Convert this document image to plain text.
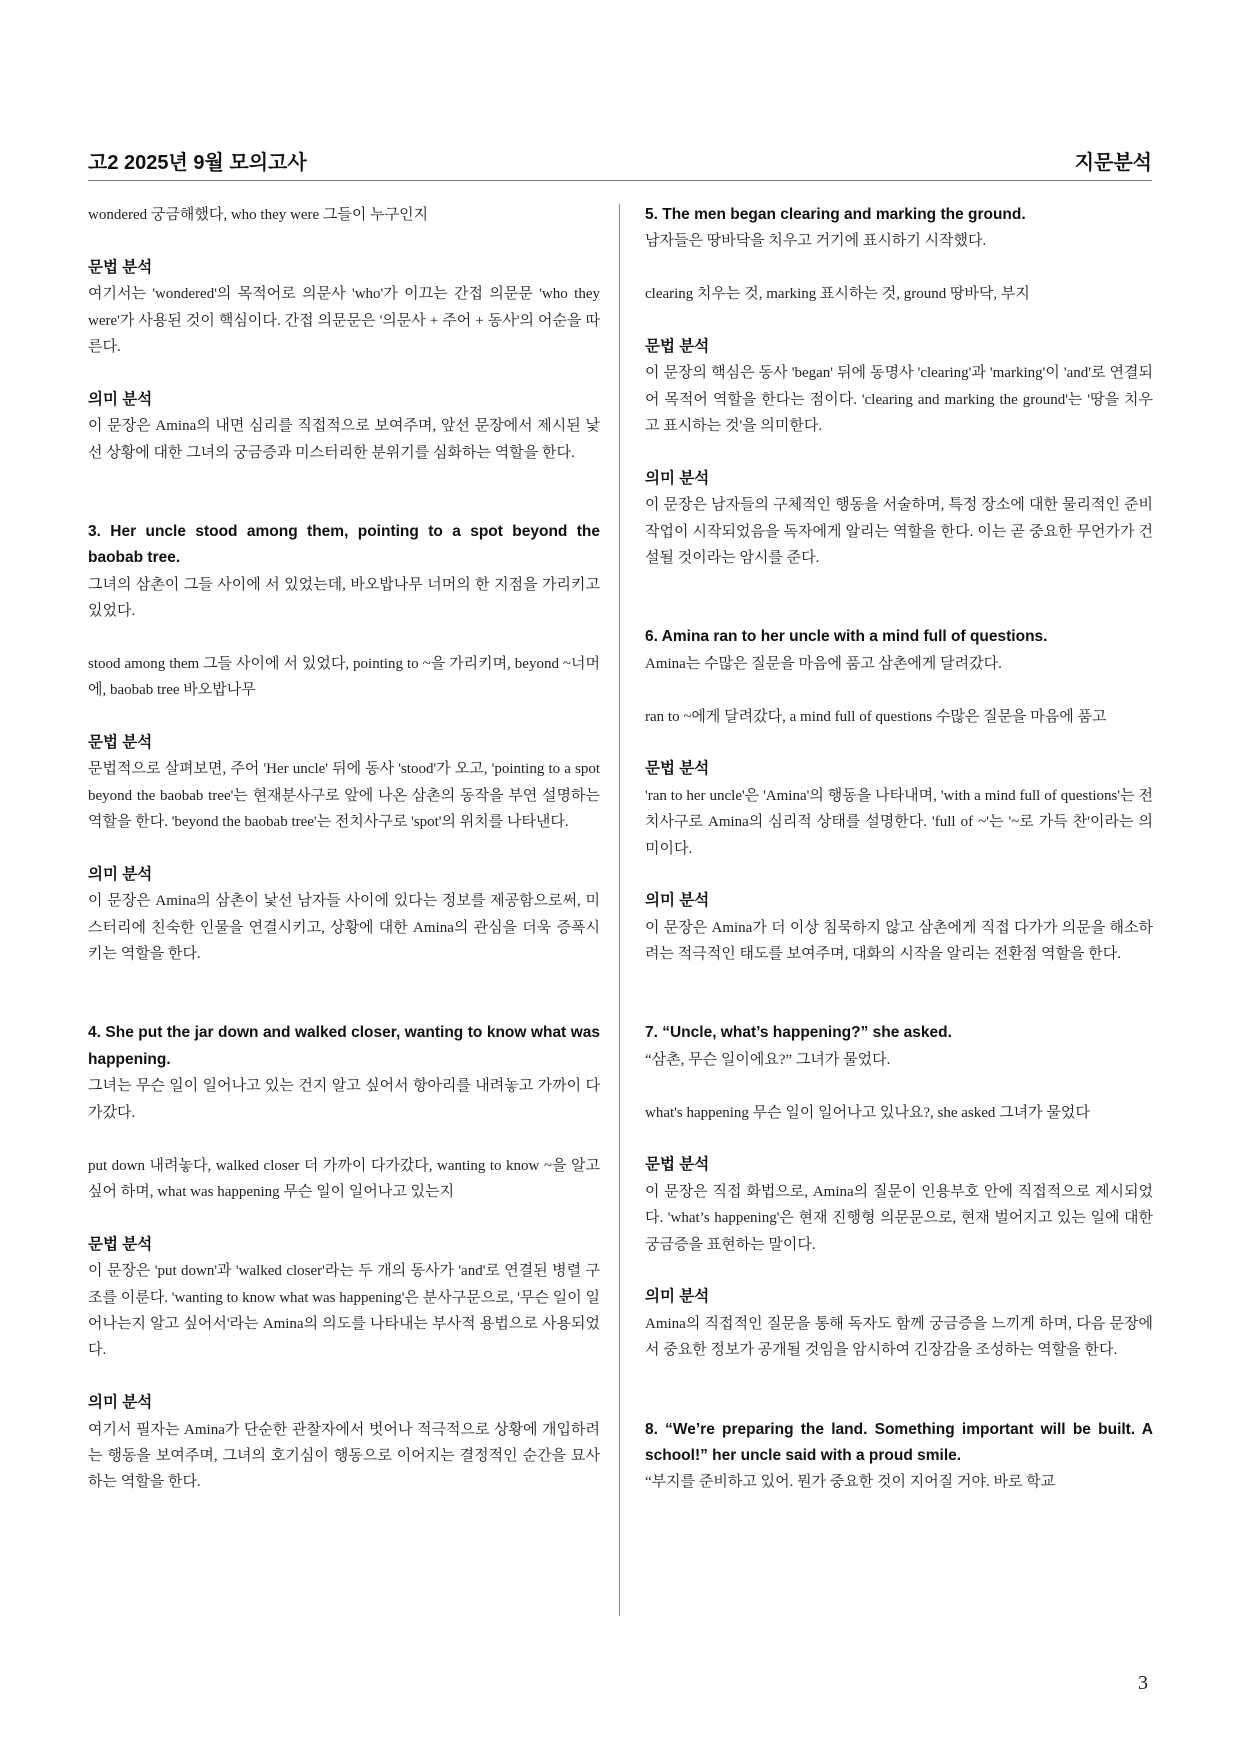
고2 2025년 9월 모의고사	지문분석

wondered 궁금해했다, who they were 그들이 누구인지

문법 분석

여기서는 'wondered'의 목적어로 의문사 'who'가 이끄는 간접 의문문 'who they were'가 사용된 것이 핵심이다. 간접 의문문은 '의문사 + 주어 + 동사'의 어순을 따른다.

의미 분석

이 문장은 Amina의 내면 심리를 직접적으로 보여주며, 앞선 문장에서 제시된 낯선 상황에 대한 그녀의 궁금증과 미스터리한 분위기를 심화하는 역할을 한다.

3. Her uncle stood among them, pointing to a spot beyond the baobab tree.

그녀의 삼촌이 그들 사이에 서 있었는데, 바오밥나무 너머의 한 지점을 가리키고 있었다.

stood among them 그들 사이에 서 있었다, pointing to ~을 가리키며, beyond ~너머에, baobab tree 바오밥나무

문법 분석

문법적으로 살펴보면, 주어 'Her uncle' 뒤에 동사 'stood'가 오고, 'pointing to a spot beyond the baobab tree'는 현재분사구로 앞에 나온 삼촌의 동작을 부연 설명하는 역할을 한다. 'beyond the baobab tree'는 전치사구로 'spot'의 위치를 나타낸다.

의미 분석

이 문장은 Amina의 삼촌이 낯선 남자들 사이에 있다는 정보를 제공함으로써, 미스터리에 친숙한 인물을 연결시키고, 상황에 대한 Amina의 관심을 더욱 증폭시키는 역할을 한다.

4. She put the jar down and walked closer, wanting to know what was happening.

그녀는 무슨 일이 일어나고 있는 건지 알고 싶어서 항아리를 내려놓고 가까이 다가갔다.

put down 내려놓다, walked closer 더 가까이 다가갔다, wanting to know ~을 알고 싶어 하며, what was happening 무슨 일이 일어나고 있는지

문법 분석

이 문장은 'put down'과 'walked closer'라는 두 개의 동사가 'and'로 연결된 병렬 구조를 이룬다. 'wanting to know what was happening'은 분사구문으로, '무슨 일이 일어나는지 알고 싶어서'라는 Amina의 의도를 나타내는 부사적 용법으로 사용되었다.

의미 분석

여기서 필자는 Amina가 단순한 관찰자에서 벗어나 적극적으로 상황에 개입하려는 행동을 보여주며, 그녀의 호기심이 행동으로 이어지는 결정적인 순간을 묘사하는 역할을 한다.

5. The men began clearing and marking the ground.

남자들은 땅바닥을 치우고 거기에 표시하기 시작했다.

clearing 치우는 것, marking 표시하는 것, ground 땅바닥, 부지

문법 분석

이 문장의 핵심은 동사 'began' 뒤에 동명사 'clearing'과 'marking'이 'and'로 연결되어 목적어 역할을 한다는 점이다. 'clearing and marking the ground'는 '땅을 치우고 표시하는 것'을 의미한다.

의미 분석

이 문장은 남자들의 구체적인 행동을 서술하며, 특정 장소에 대한 물리적인 준비 작업이 시작되었음을 독자에게 알리는 역할을 한다. 이는 곧 중요한 무언가가 건설될 것이라는 암시를 준다.

6. Amina ran to her uncle with a mind full of questions.

Amina는 수많은 질문을 마음에 품고 삼촌에게 달려갔다.

ran to ~에게 달려갔다, a mind full of questions 수많은 질문을 마음에 품고

문법 분석

'ran to her uncle'은 'Amina'의 행동을 나타내며, 'with a mind full of questions'는 전치사구로 Amina의 심리적 상태를 설명한다. 'full of ~'는 '~로 가득 찬'이라는 의미이다.

의미 분석

이 문장은 Amina가 더 이상 침묵하지 않고 삼촌에게 직접 다가가 의문을 해소하려는 적극적인 태도를 보여주며, 대화의 시작을 알리는 전환점 역할을 한다.

7. “Uncle, what’s happening?” she asked.

“삼촌, 무슨 일이에요?” 그녀가 물었다.

what's happening 무슨 일이 일어나고 있나요?, she asked 그녀가 물었다

문법 분석

이 문장은 직접 화법으로, Amina의 질문이 인용부호 안에 직접적으로 제시되었다. 'what’s happening'은 현재 진행형 의문문으로, 현재 벌어지고 있는 일에 대한 궁금증을 표현하는 말이다.

의미 분석

Amina의 직접적인 질문을 통해 독자도 함께 궁금증을 느끼게 하며, 다음 문장에서 중요한 정보가 공개될 것임을 암시하여 긴장감을 조성하는 역할을 한다.

8. “We’re preparing the land. Something important will be built. A school!” her uncle said with a proud smile.

“부지를 준비하고 있어. 뭔가 중요한 것이 지어질 거야. 바로 학교

3
